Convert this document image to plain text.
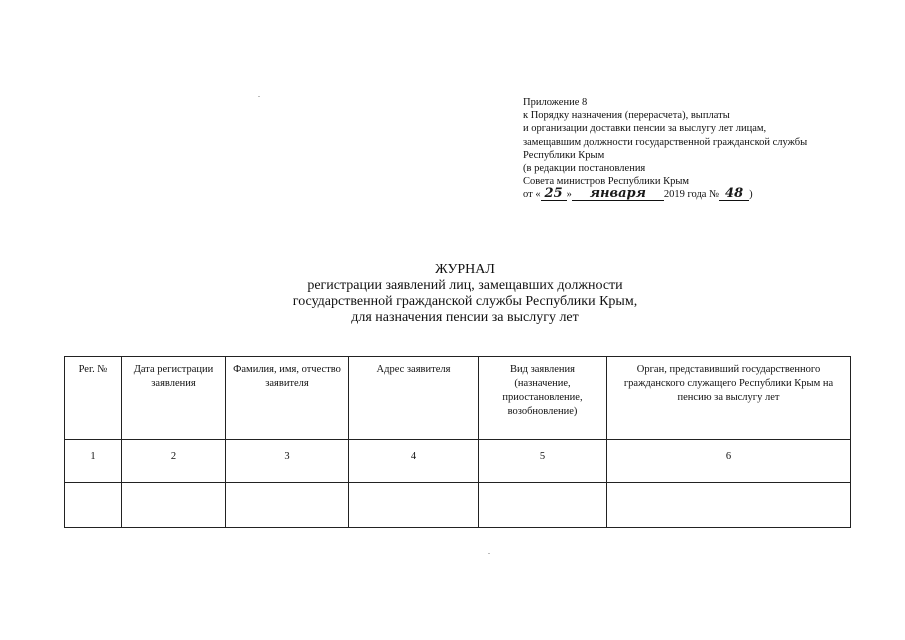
Приложение 8
к Порядку назначения (перерасчета), выплаты
и организации доставки пенсии за выслугу лет лицам,
замещавшим должности государственной гражданской службы
Республики Крым
(в редакции постановления
Совета министров Республики Крым
от « 25 » января 2019 года № 48 )
ЖУРНАЛ
регистрации заявлений лиц, замещавших должности
государственной гражданской службы Республики Крым,
для назначения пенсии за выслугу лет
Рег. №	Дата регистрации заявления	Фамилия, имя, отчество заявителя	Адрес заявителя	Вид заявления (назначение, приостановление, возобновление)	Орган, представивший государственного гражданского служащего Республики Крым на пенсию за выслугу лет
1	2	3	4	5	6
